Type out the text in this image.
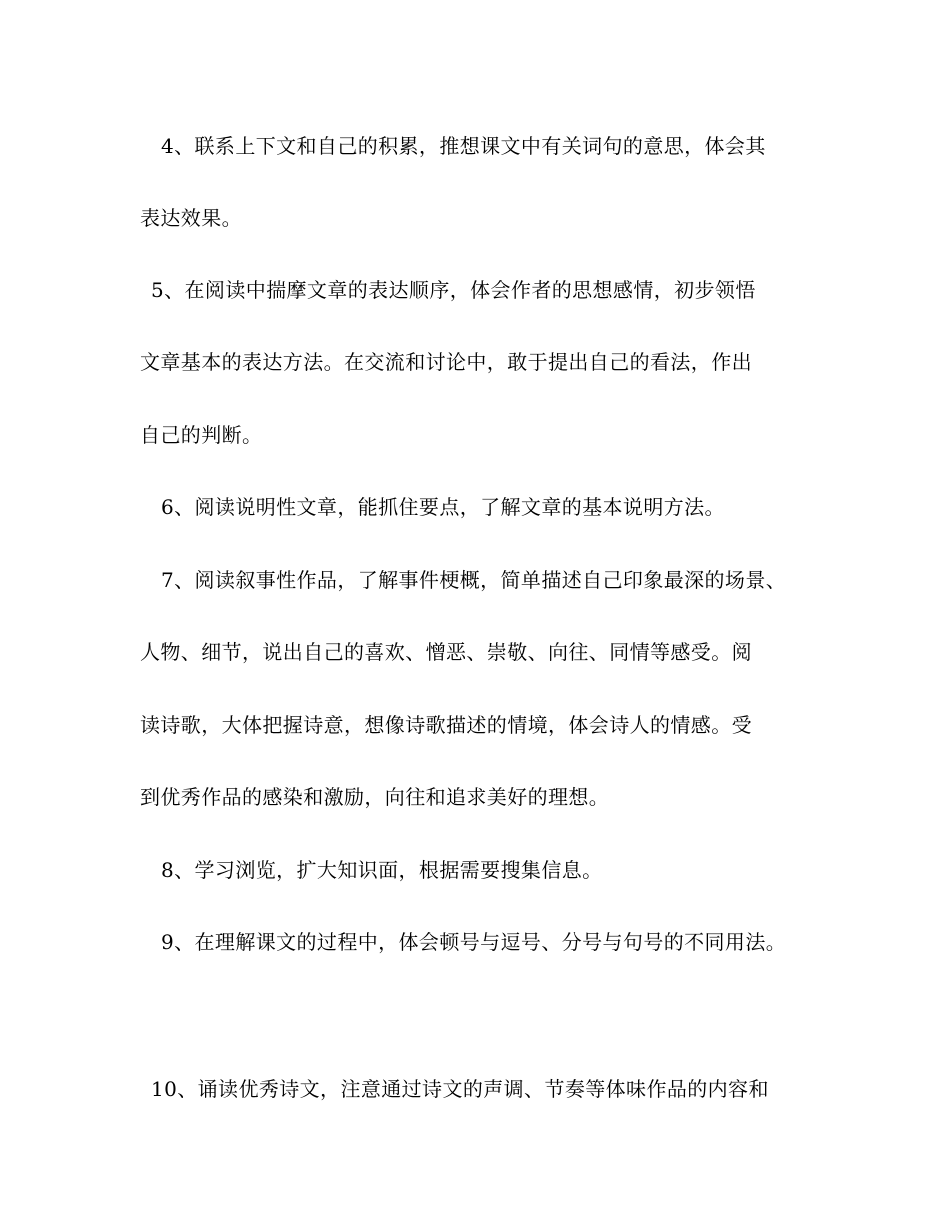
4、联系上下文和自己的积累，推想课文中有关词句的意思，体会其
表达效果。
5、在阅读中揣摩文章的表达顺序，体会作者的思想感情，初步领悟
文章基本的表达方法。在交流和讨论中，敢于提出自己的看法，作出
自己的判断。
6、阅读说明性文章，能抓住要点，了解文章的基本说明方法。
7、阅读叙事性作品，了解事件梗概，简单描述自己印象最深的场景、
人物、细节，说出自己的喜欢、憎恶、崇敬、向往、同情等感受。阅
读诗歌，大体把握诗意，想像诗歌描述的情境，体会诗人的情感。受
到优秀作品的感染和激励，向往和追求美好的理想。
8、学习浏览，扩大知识面，根据需要搜集信息。
9、在理解课文的过程中，体会顿号与逗号、分号与句号的不同用法。
10、诵读优秀诗文，注意通过诗文的声调、节奏等体味作品的内容和
